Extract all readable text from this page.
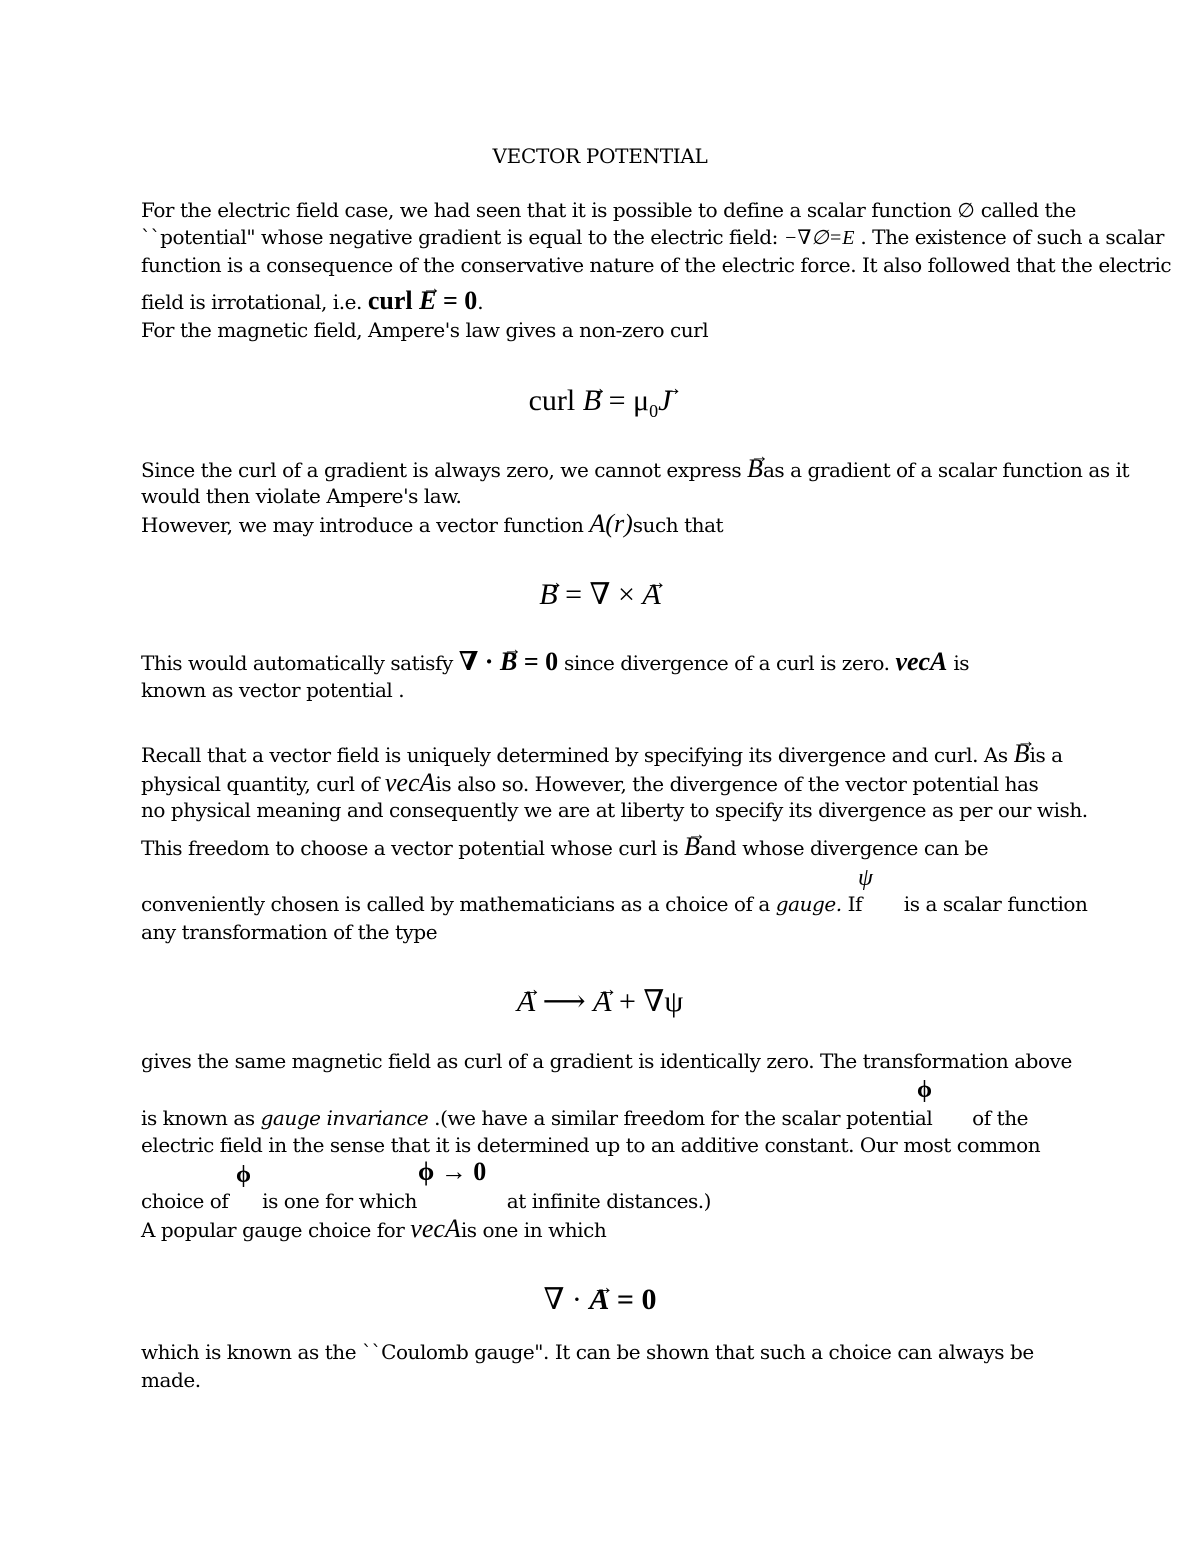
VECTOR POTENTIAL
For the electric field case, we had seen that it is possible to define a scalar function ∅ called the
``potential" whose negative gradient is equal to the electric field: −∇∅=E . The existence of such a scalar
function is a consequence of the conservative nature of the electric force. It also followed that the electric
field is irrotational, i.e. curl → E = 0.
For the magnetic field, Ampere's law gives a non-zero curl
curl → $B = \mu_0\to J$
Since the curl of a gradient is always zero, we cannot express → Bas a gradient of a scalar function as it
would then violate Ampere's law.
However, we may introduce a vector function A(r)such that
→ B = ∇ × → A
This would automatically satisfy ∇ · → B = 0 since divergence of a curl is zero. vecA is
known as vector potential .
Recall that a vector field is uniquely determined by specifying its divergence and curl. As → Bis a
physical quantity, curl of vecAis also so. However, the divergence of the vector potential has
no physical meaning and consequently we are at liberty to specify its divergence as per our wish.
This freedom to choose a vector potential whose curl is → Band whose divergence can be
ψ
conveniently chosen is called by mathematicians as a choice of a gauge. If  is a scalar function
any transformation of the type
→ A ⟶ → A + ∇ψ
gives the same magnetic field as curl of a gradient is identically zero. The transformation above
ϕ
is known as gauge invariance .(we have a similar freedom for the scalar potential  of the
electric field in the sense that it is determined up to an additive constant. Our most common
ϕ	ϕ → 0
choice of  is one for which	at infinite distances.)
A popular gauge choice for vecAis one in which
∇ · → A = 0
which is known as the ``Coulomb gauge". It can be shown that such a choice can always be
made.
